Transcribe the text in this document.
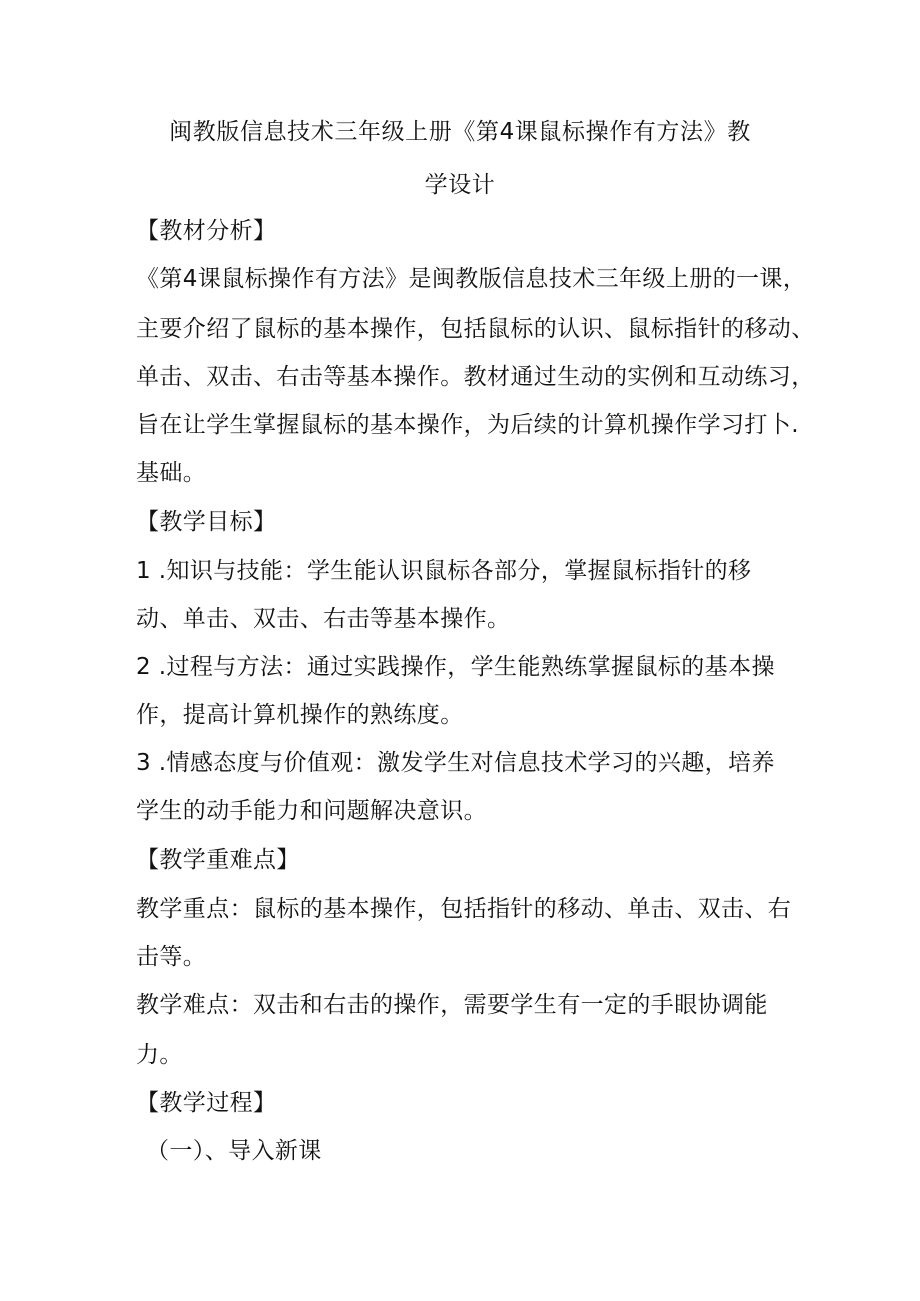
闽教版信息技术三年级上册《第4课鼠标操作有方法》教
学设计
【教材分析】
《第4课鼠标操作有方法》是闽教版信息技术三年级上册的一课，
主要介绍了鼠标的基本操作，包括鼠标的认识、鼠标指针的移动、
单击、双击、右击等基本操作。教材通过生动的实例和互动练习，
旨在让学生掌握鼠标的基本操作，为后续的计算机操作学习打卜.
基础。
【教学目标】
1 .知识与技能：学生能认识鼠标各部分，掌握鼠标指针的移
动、单击、双击、右击等基本操作。
2 .过程与方法：通过实践操作，学生能熟练掌握鼠标的基本操
作，提高计算机操作的熟练度。
3 .情感态度与价值观：激发学生对信息技术学习的兴趣，培养
学生的动手能力和问题解决意识。
【教学重难点】
教学重点：鼠标的基本操作，包括指针的移动、单击、双击、右
击等。
教学难点：双击和右击的操作，需要学生有一定的手眼协调能
力。
【教学过程】
（一）、导入新课
